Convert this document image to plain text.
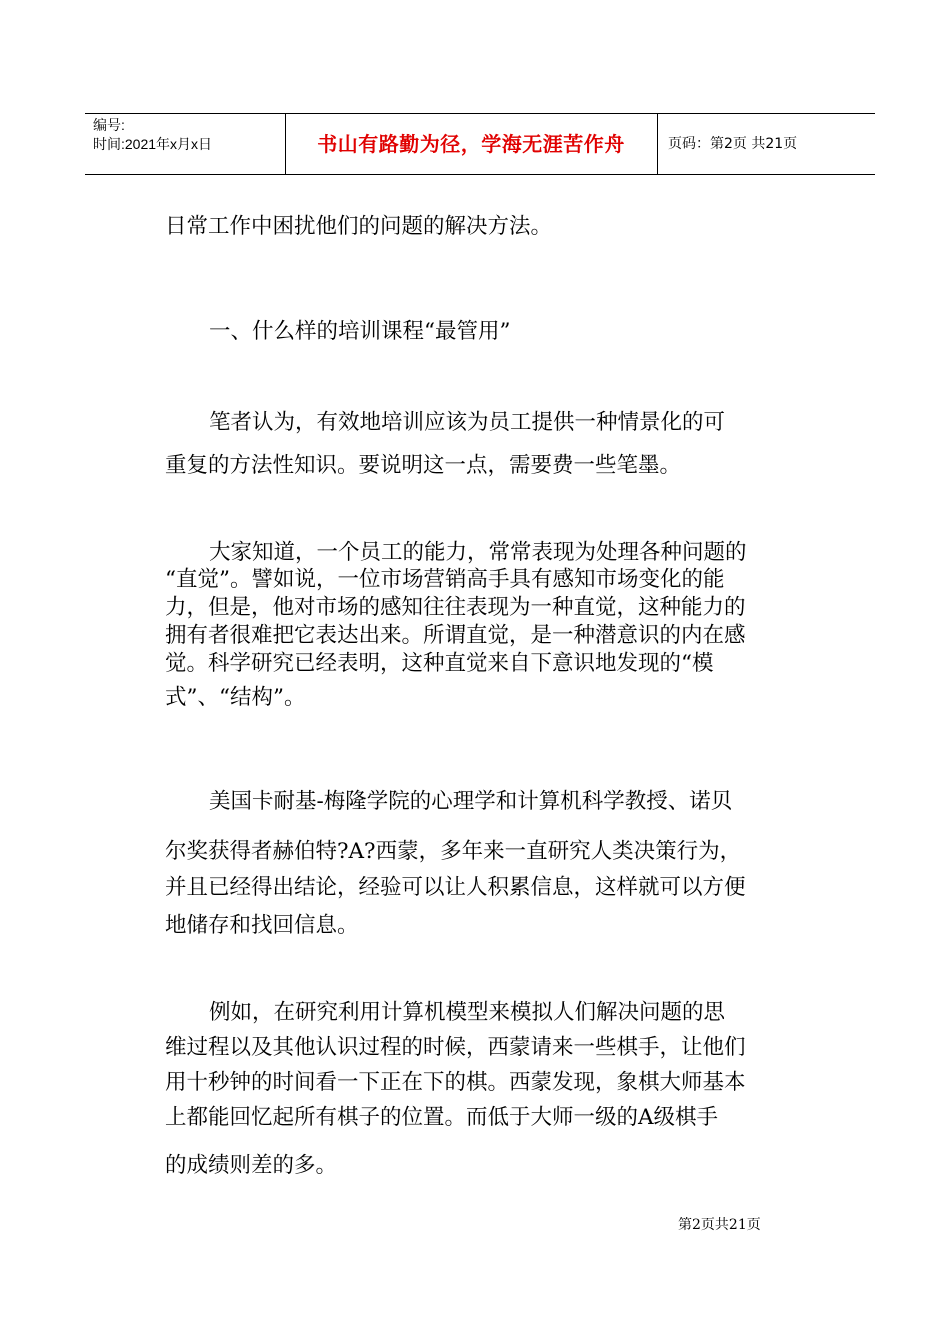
编号:
时间:2021年x月x日	书山有路勤为径，学海无涯苦作舟	页码：第2页 共21页

日常工作中困扰他们的问题的解决方法。

一、什么样的培训课程“最管用”

笔者认为，有效地培训应该为员工提供一种情景化的可

重复的方法性知识。要说明这一点，需要费一些笔墨。

大家知道，一个员工的能力，常常表现为处理各种问题的

“直觉”。譬如说，一位市场营销高手具有感知市场变化的能

力，但是，他对市场的感知往往表现为一种直觉，这种能力的

拥有者很难把它表达出来。所谓直觉，是一种潜意识的内在感

觉。科学研究已经表明，这种直觉来自下意识地发现的“模

式”、“结构”。

美国卡耐基-梅隆学院的心理学和计算机科学教授、诺贝

尔奖获得者赫伯特?A?西蒙，多年来一直研究人类决策行为，

并且已经得出结论，经验可以让人积累信息，这样就可以方便

地储存和找回信息。

例如，在研究利用计算机模型来模拟人们解决问题的思

维过程以及其他认识过程的时候，西蒙请来一些棋手，让他们

用十秒钟的时间看一下正在下的棋。西蒙发现，象棋大师基本

上都能回忆起所有棋子的位置。而低于大师一级的A级棋手

的成绩则差的多。

第2页共21页
